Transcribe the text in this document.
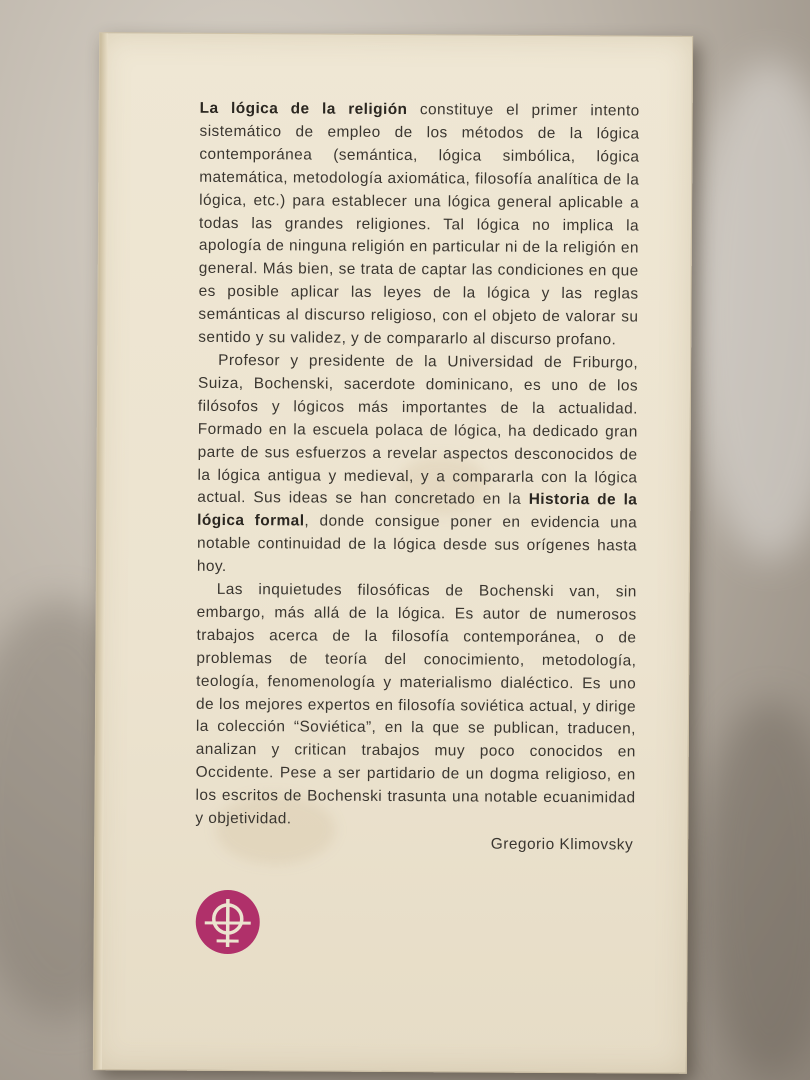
La lógica de la religión constituye el primer intento sistemático de empleo de los métodos de la lógica contemporánea (semántica, lógica simbólica, lógica matemática, metodología axiomática, filosofía analítica de la lógica, etc.) para establecer una lógica general aplicable a todas las grandes religiones. Tal lógica no implica la apología de ninguna religión en particular ni de la religión en general. Más bien, se trata de captar las condiciones en que es posible aplicar las leyes de la lógica y las reglas semánticas al discurso religioso, con el objeto de valorar su sentido y su validez, y de compararlo al discurso profano.

Profesor y presidente de la Universidad de Friburgo, Suiza, Bochenski, sacerdote dominicano, es uno de los filósofos y lógicos más importantes de la actualidad. Formado en la escuela polaca de lógica, ha dedicado gran parte de sus esfuerzos a revelar aspectos desconocidos de la lógica antigua y medieval, y a compararla con la lógica actual. Sus ideas se han concretado en la Historia de la lógica formal, donde consigue poner en evidencia una notable continuidad de la lógica desde sus orígenes hasta hoy.

Las inquietudes filosóficas de Bochenski van, sin embargo, más allá de la lógica. Es autor de numerosos trabajos acerca de la filosofía contemporánea, o de problemas de teoría del conocimiento, metodología, teología, fenomenología y materialismo dialéctico. Es uno de los mejores expertos en filosofía soviética actual, y dirige la colección “Soviética”, en la que se publican, traducen, analizan y critican trabajos muy poco conocidos en Occidente. Pese a ser partidario de un dogma religioso, en los escritos de Bochenski trasunta una notable ecuanimidad y objetividad.

Gregorio Klimovsky
